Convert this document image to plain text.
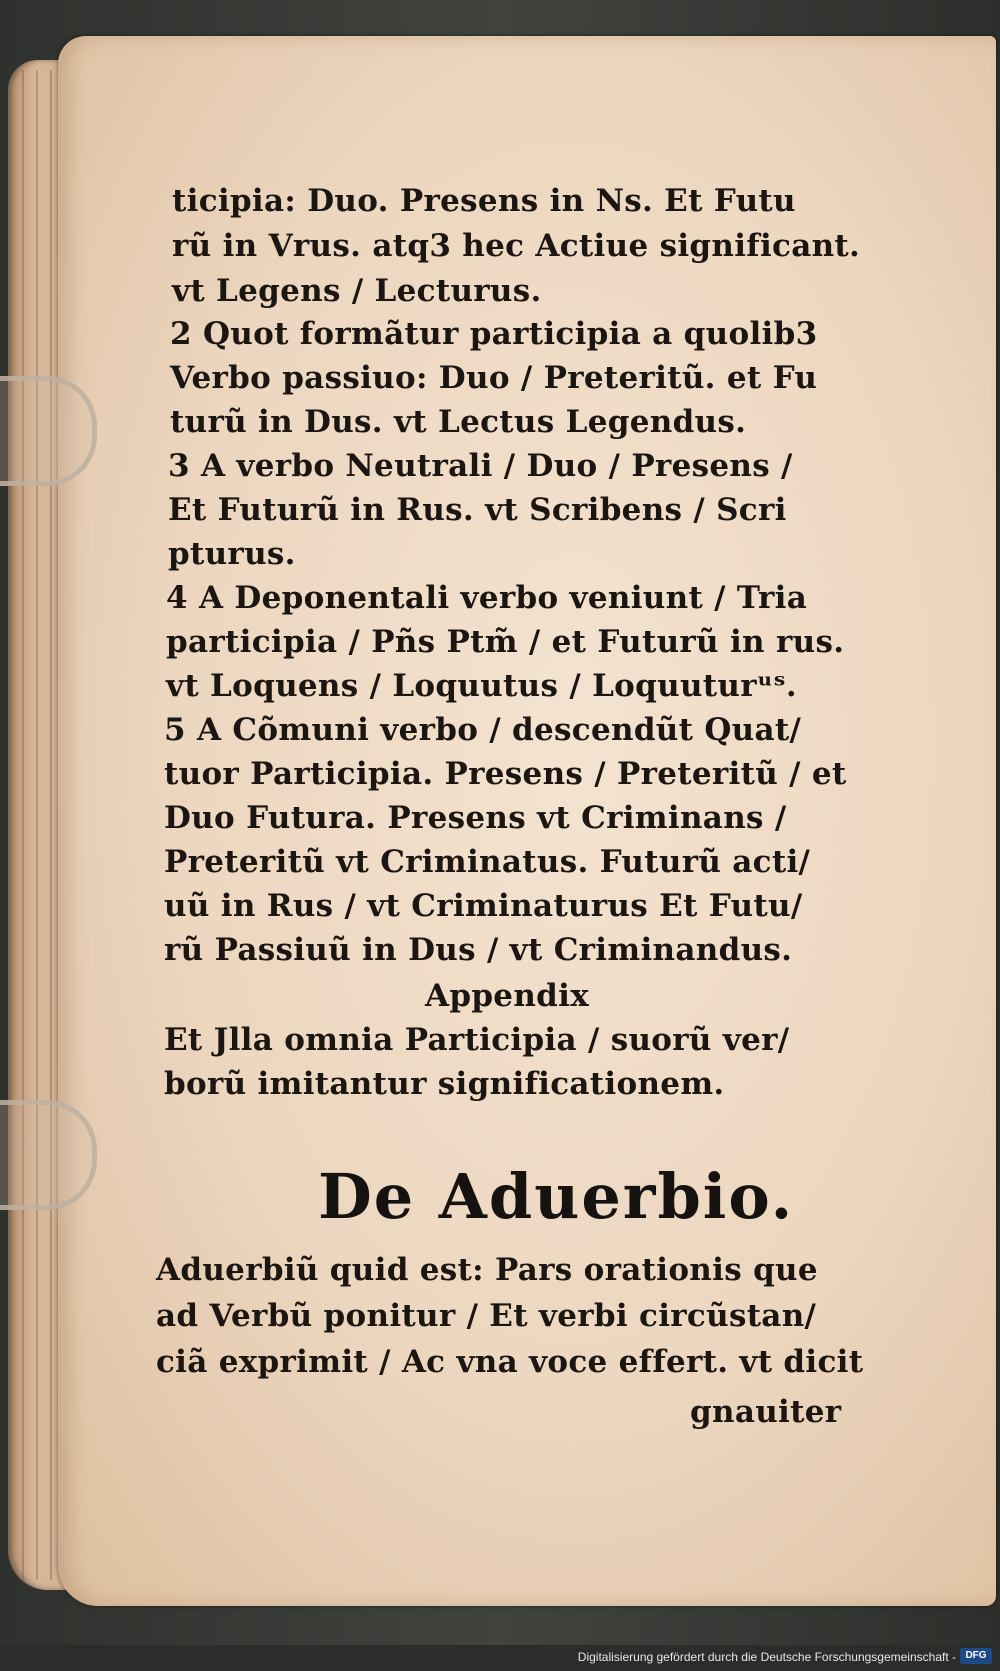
ticipia: Duo. Presens in Ns. Et Futu
rũ in Vrus. atq3 hec Actiue significant.
vt Legens / Lecturus.
2 Quot formãtur participia a quolib3
Verbo passiuo: Duo / Preteritũ. et Fu
turũ in Dus. vt Lectus Legendus.
3 A verbo Neutrali / Duo / Presens /
Et Futurũ in Rus. vt Scribens / Scri
pturus.
4 A Deponentali verbo veniunt / Tria
participia / Pñs Ptm̃ / et Futurũ in rus.
vt Loquens / Loquutus / Loquuturᵘˢ.
5 A Cõmuni verbo / descendũt Quat/
tuor Participia. Presens / Preteritũ / et
Duo Futura. Presens vt Criminans /
Preteritũ vt Criminatus. Futurũ acti/
uũ in Rus / vt Criminaturus Et Futu/
rũ Passiuũ in Dus / vt Criminandus.
Appendix
Et Jlla omnia Participia / suorũ ver/
borũ imitantur significationem.
De Aduerbio.
Aduerbiũ quid est: Pars orationis que
ad Verbũ ponitur / Et verbi circũstan/
ciã exprimit / Ac vna voce effert. vt dicit
gnauiter
Digitalisierung gefördert durch die Deutsche Forschungsgemeinschaft - DFG
